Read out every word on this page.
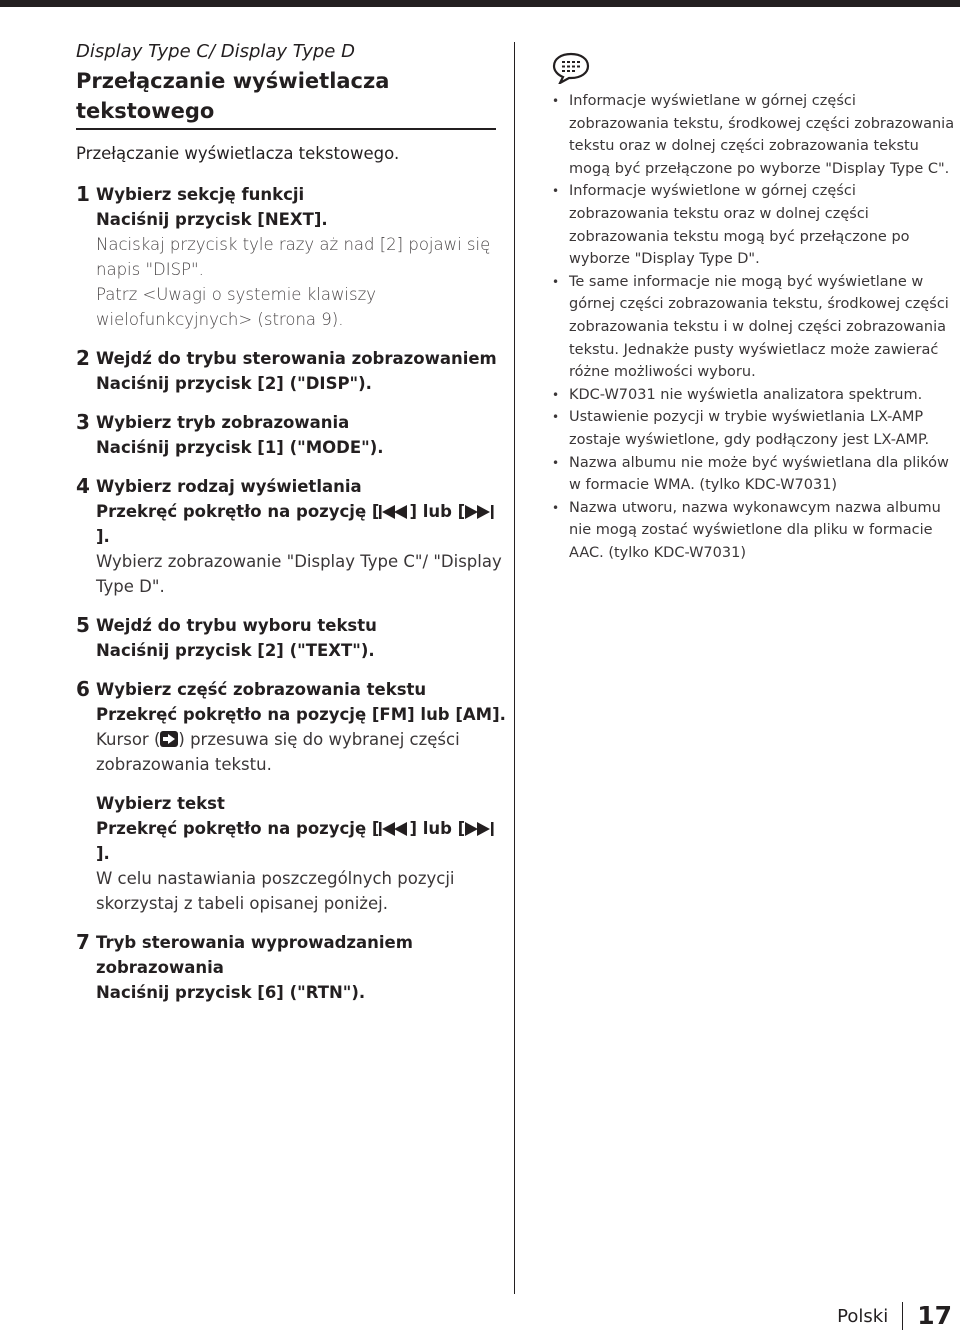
Display Type C/ Display Type D
Przełączanie wyświetlacza tekstowego
Przełączanie wyświetlacza tekstowego.
1 Wybierz sekcję funkcji
Naciśnij przycisk [NEXT].
Naciskaj przycisk tyle razy aż nad [2] pojawi się napis "DISP".
Patrz <Uwagi o systemie klawiszy wielofunkcyjnych> (strona 9).
2 Wejdź do trybu sterowania zobrazowaniem
Naciśnij przycisk [2] ("DISP").
3 Wybierz tryb zobrazowania
Naciśnij przycisk [1] ("MODE").
4 Wybierz rodzaj wyświetlania
Przekręć pokrętło na pozycję [ ] lub [].
Wybierz zobrazowanie "Display Type C"/ "Display Type D".
5 Wejdź do trybu wyboru tekstu
Naciśnij przycisk [2] ("TEXT").
6 Wybierz część zobrazowania tekstu
Przekręć pokrętło na pozycję [FM] lub [AM].
Kursor ( ) przesuwa się do wybranej części zobrazowania tekstu.
Wybierz tekst
Przekręć pokrętło na pozycję [ ] lub [].
W celu nastawiania poszczególnych pozycji skorzystaj z tabeli opisanej poniżej.
7 Tryb sterowania wyprowadzaniem zobrazowania
Naciśnij przycisk [6] ("RTN").
• Informacje wyświetlane w górnej części zobrazowania tekstu, środkowej części zobrazowania tekstu oraz w dolnej części zobrazowania tekstu mogą być przełączone po wyborze "Display Type C".
• Informacje wyświetlone w górnej części zobrazowania tekstu oraz w dolnej części zobrazowania tekstu mogą być przełączone po wyborze "Display Type D".
• Te same informacje nie mogą być wyświetlane w górnej części zobrazowania tekstu, środkowej części zobrazowania tekstu i w dolnej części zobrazowania tekstu. Jednakże pusty wyświetlacz może zawierać różne możliwości wyboru.
• KDC-W7031 nie wyświetla analizatora spektrum.
• Ustawienie pozycji w trybie wyświetlania LX-AMP zostaje wyświetlone, gdy podłączony jest LX-AMP.
• Nazwa albumu nie może być wyświetlana dla plików w formacie WMA. (tylko KDC-W7031)
• Nazwa utworu, nazwa wykonawcym nazwa albumu nie mogą zostać wyświetlone dla pliku w formacie AAC. (tylko KDC-W7031)
Polski 17
